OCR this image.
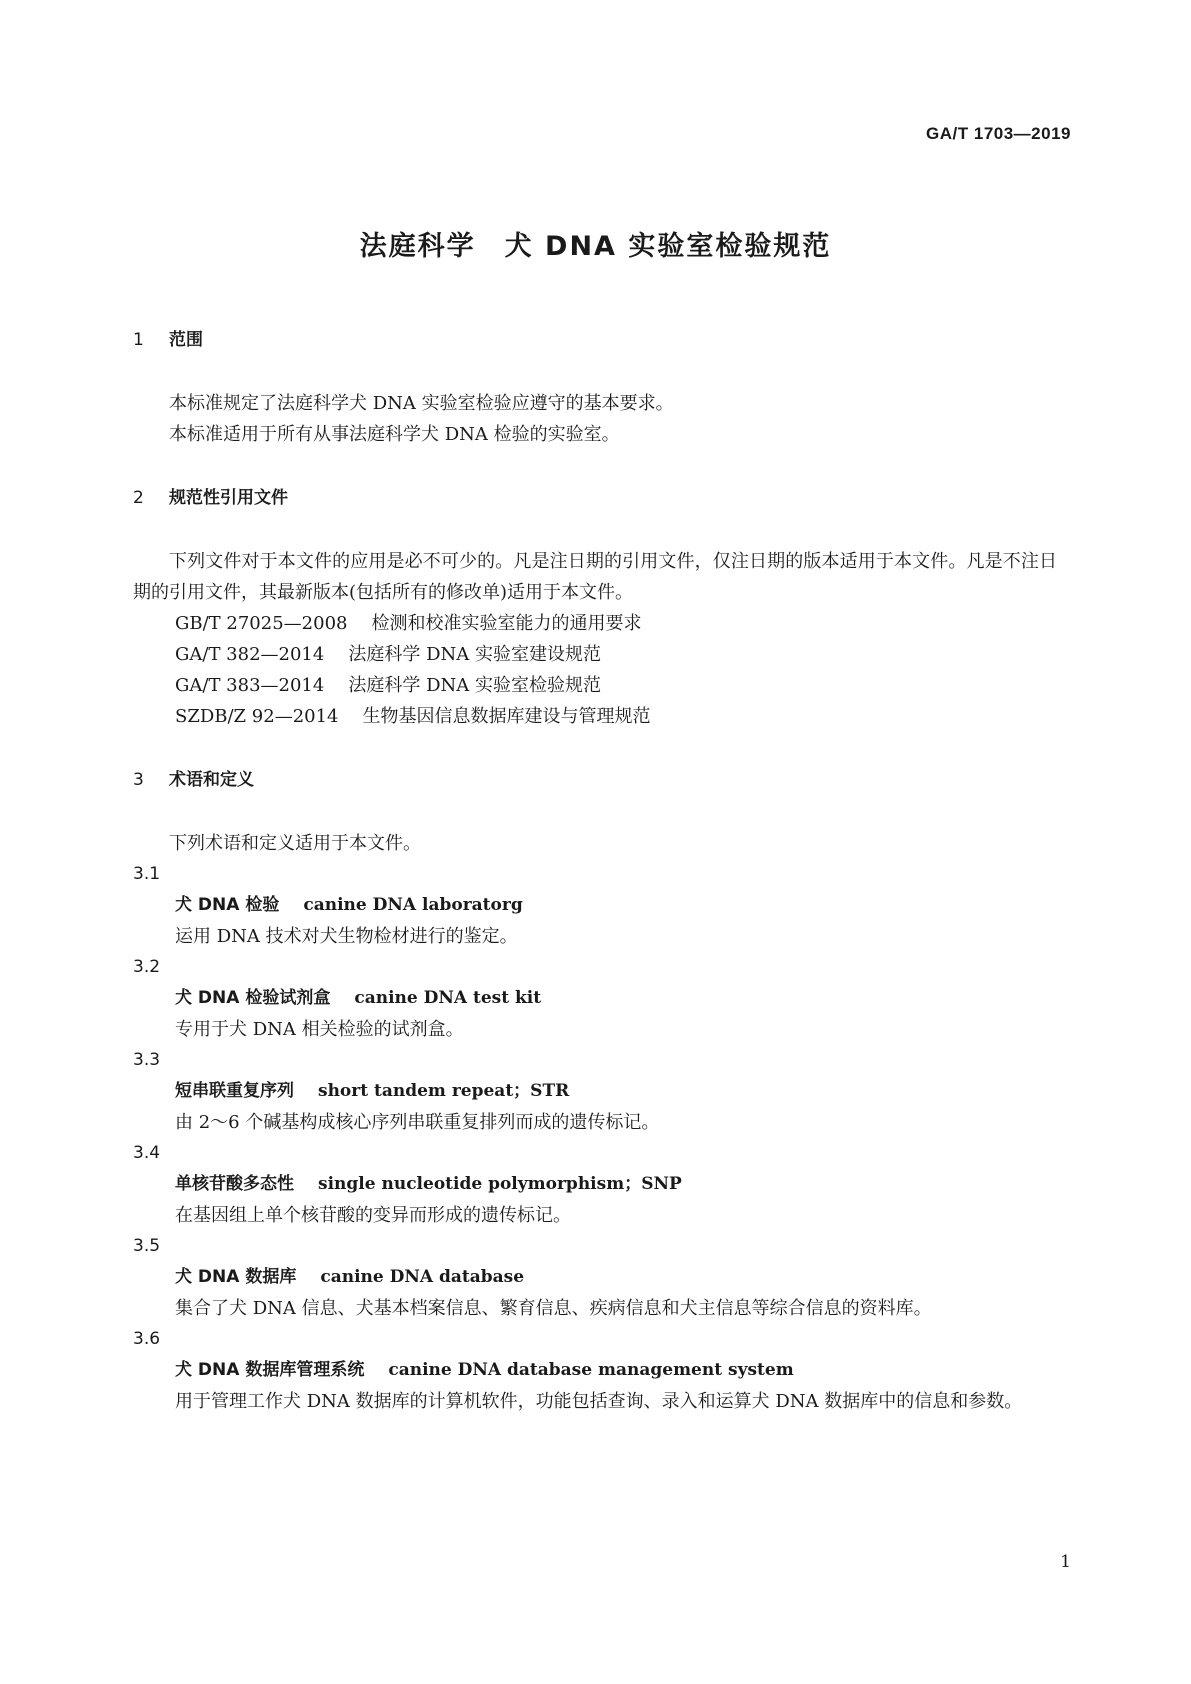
GA/T 1703—2019
法庭科学　犬 DNA 实验室检验规范
1 范围

本标准规定了法庭科学犬 DNA 实验室检验应遵守的基本要求。

本标准适用于所有从事法庭科学犬 DNA 检验的实验室。

2 规范性引用文件

下列文件对于本文件的应用是必不可少的。凡是注日期的引用文件，仅注日期的版本适用于本文件。凡是不注日期的引用文件，其最新版本(包括所有的修改单)适用于本文件。

GB/T 27025—2008 检测和校准实验室能力的通用要求

GA/T 382—2014 法庭科学 DNA 实验室建设规范

GA/T 383—2014 法庭科学 DNA 实验室检验规范

SZDB/Z 92—2014 生物基因信息数据库建设与管理规范

3 术语和定义

下列术语和定义适用于本文件。

3.1

犬 DNA 检验 canine DNA laboratorg

运用 DNA 技术对犬生物检材进行的鉴定。

3.2

犬 DNA 检验试剂盒 canine DNA test kit

专用于犬 DNA 相关检验的试剂盒。

3.3

短串联重复序列 short tandem repeat；STR

由 2～6 个碱基构成核心序列串联重复排列而成的遗传标记。

3.4

单核苷酸多态性 single nucleotide polymorphism；SNP

在基因组上单个核苷酸的变异而形成的遗传标记。

3.5

犬 DNA 数据库 canine DNA database

集合了犬 DNA 信息、犬基本档案信息、繁育信息、疾病信息和犬主信息等综合信息的资料库。

3.6

犬 DNA 数据库管理系统 canine DNA database management system

用于管理工作犬 DNA 数据库的计算机软件，功能包括查询、录入和运算犬 DNA 数据库中的信息和参数。

1
